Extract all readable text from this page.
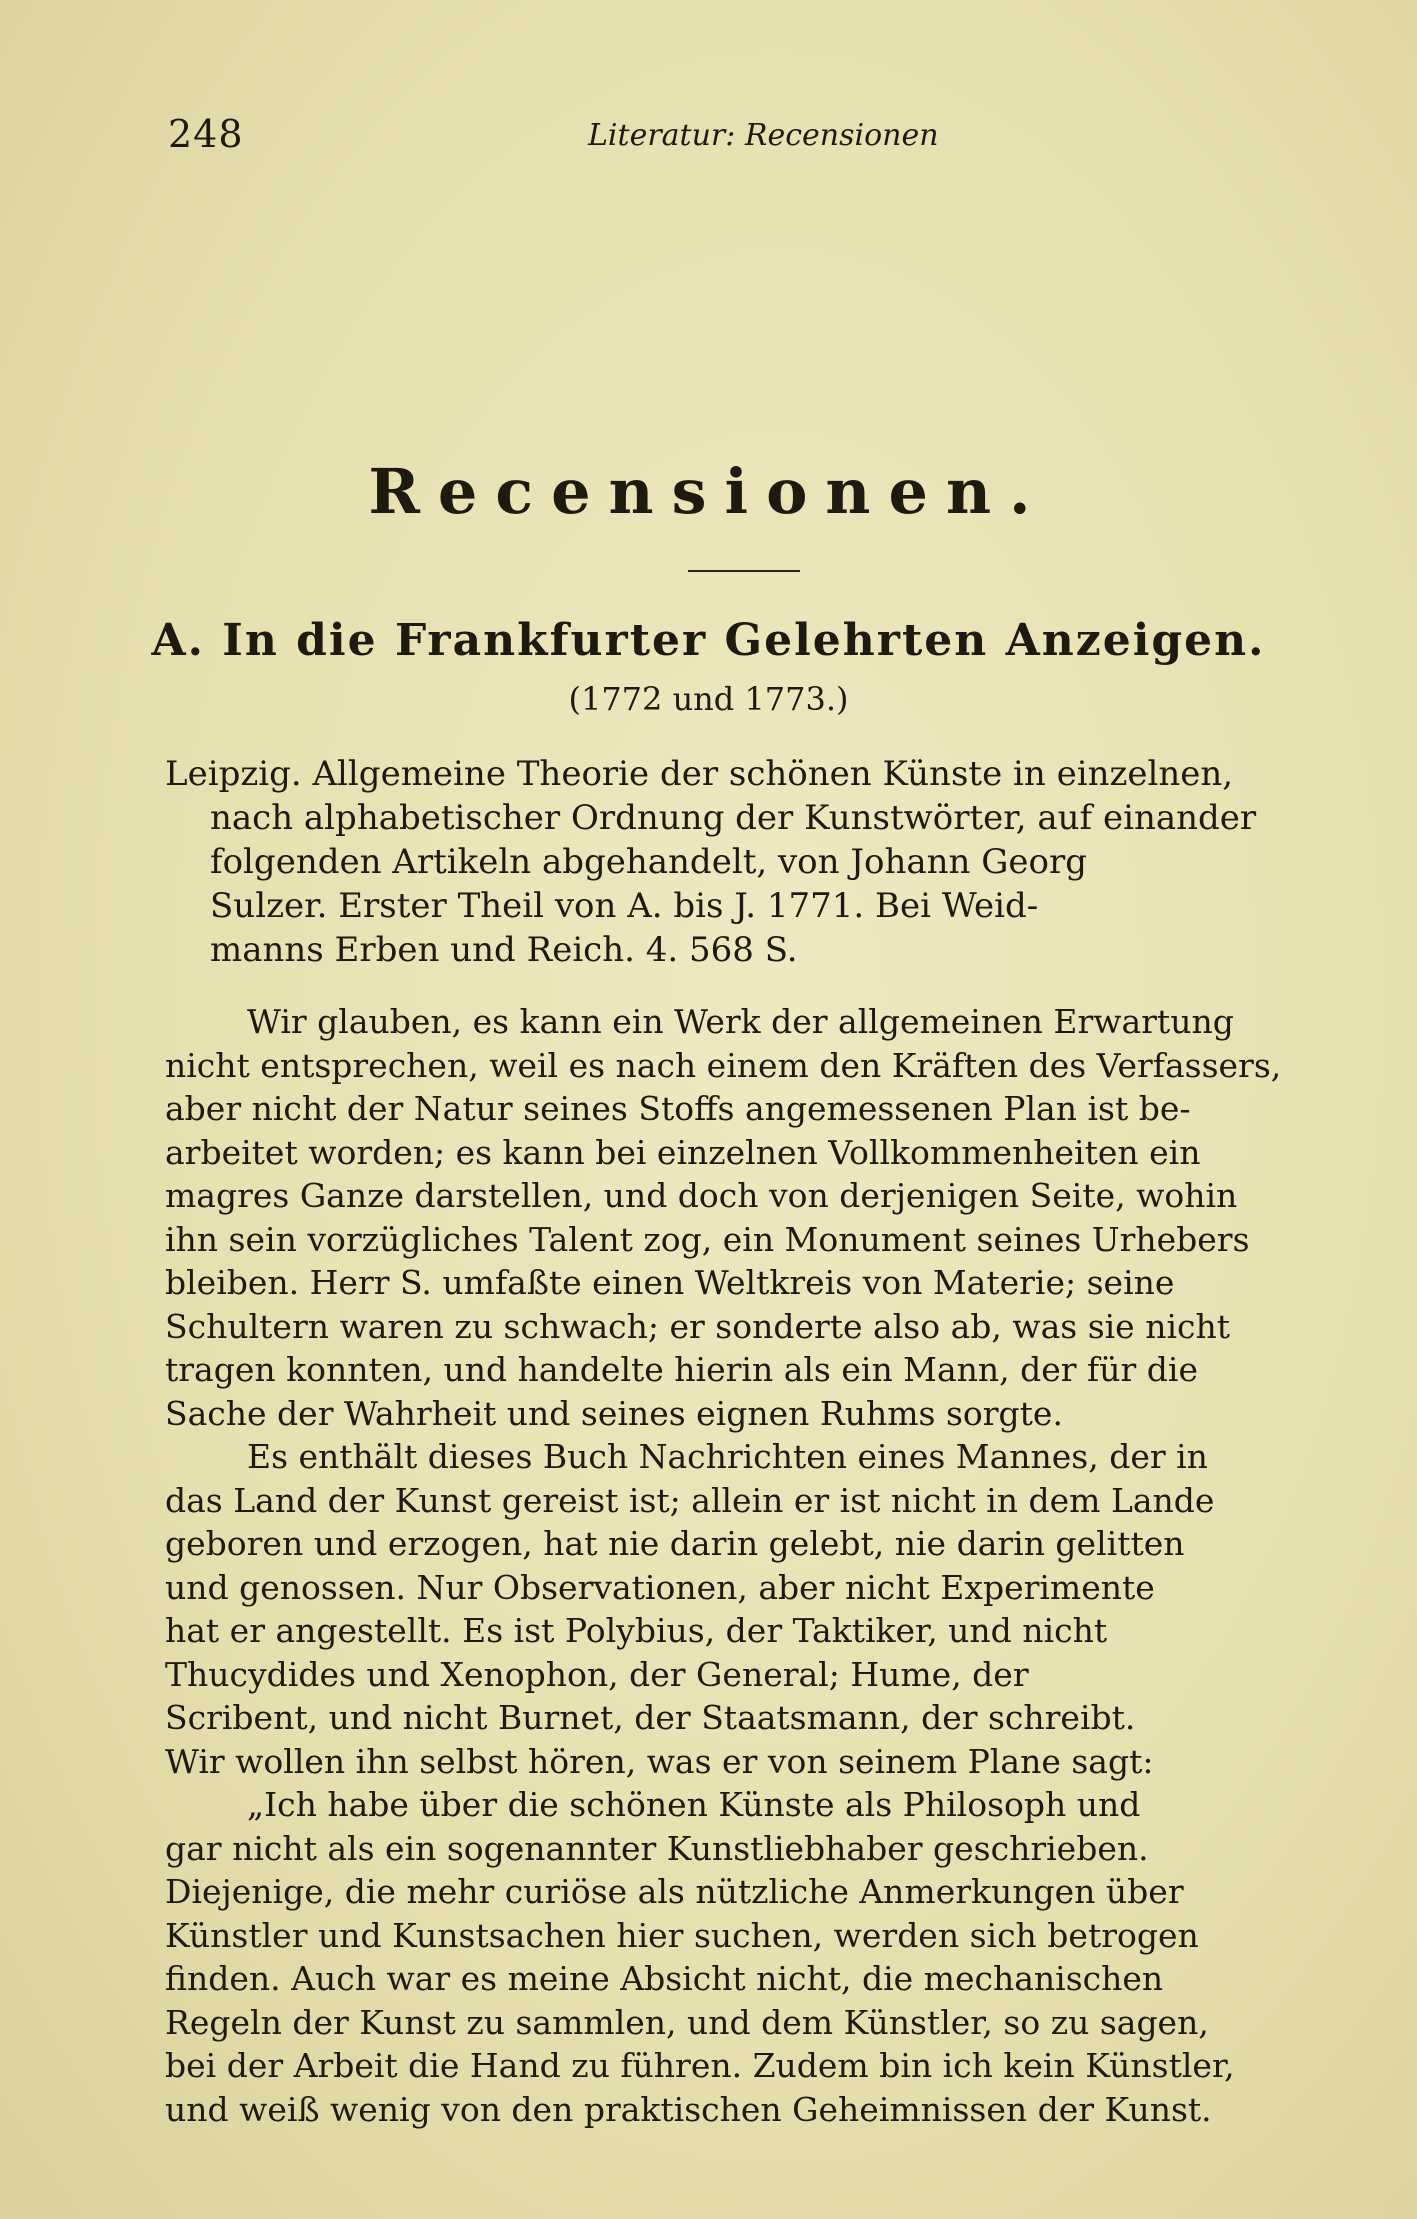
248	Literatur: Recensionen
Recensionen.
A. In die Frankfurter Gelehrten Anzeigen.
(1772 und 1773.)
Leipzig. Allgemeine Theorie der schönen Künste in einzelnen,
nach alphabetischer Ordnung der Kunstwörter, auf einander
folgenden Artikeln abgehandelt, von Johann Georg
Sulzer. Erster Theil von A. bis J. 1771. Bei Weid-
manns Erben und Reich. 4. 568 S.
Wir glauben, es kann ein Werk der allgemeinen Erwartung
nicht entsprechen, weil es nach einem den Kräften des Verfassers,
aber nicht der Natur seines Stoffs angemessenen Plan ist be-
arbeitet worden; es kann bei einzelnen Vollkommenheiten ein
magres Ganze darstellen, und doch von derjenigen Seite, wohin
ihn sein vorzügliches Talent zog, ein Monument seines Urhebers
bleiben. Herr S. umfaßte einen Weltkreis von Materie; seine
Schultern waren zu schwach; er sonderte also ab, was sie nicht
tragen konnten, und handelte hierin als ein Mann, der für die
Sache der Wahrheit und seines eignen Ruhms sorgte.
Es enthält dieses Buch Nachrichten eines Mannes, der in
das Land der Kunst gereist ist; allein er ist nicht in dem Lande
geboren und erzogen, hat nie darin gelebt, nie darin gelitten
und genossen. Nur Observationen, aber nicht Experimente
hat er angestellt. Es ist Polybius, der Taktiker, und nicht
Thucydides und Xenophon, der General; Hume, der
Scribent, und nicht Burnet, der Staatsmann, der schreibt.
Wir wollen ihn selbst hören, was er von seinem Plane sagt:
„Ich habe über die schönen Künste als Philosoph und
gar nicht als ein sogenannter Kunstliebhaber geschrieben.
Diejenige, die mehr curiöse als nützliche Anmerkungen über
Künstler und Kunstsachen hier suchen, werden sich betrogen
finden. Auch war es meine Absicht nicht, die mechanischen
Regeln der Kunst zu sammlen, und dem Künstler, so zu sagen,
bei der Arbeit die Hand zu führen. Zudem bin ich kein Künstler,
und weiß wenig von den praktischen Geheimnissen der Kunst.
